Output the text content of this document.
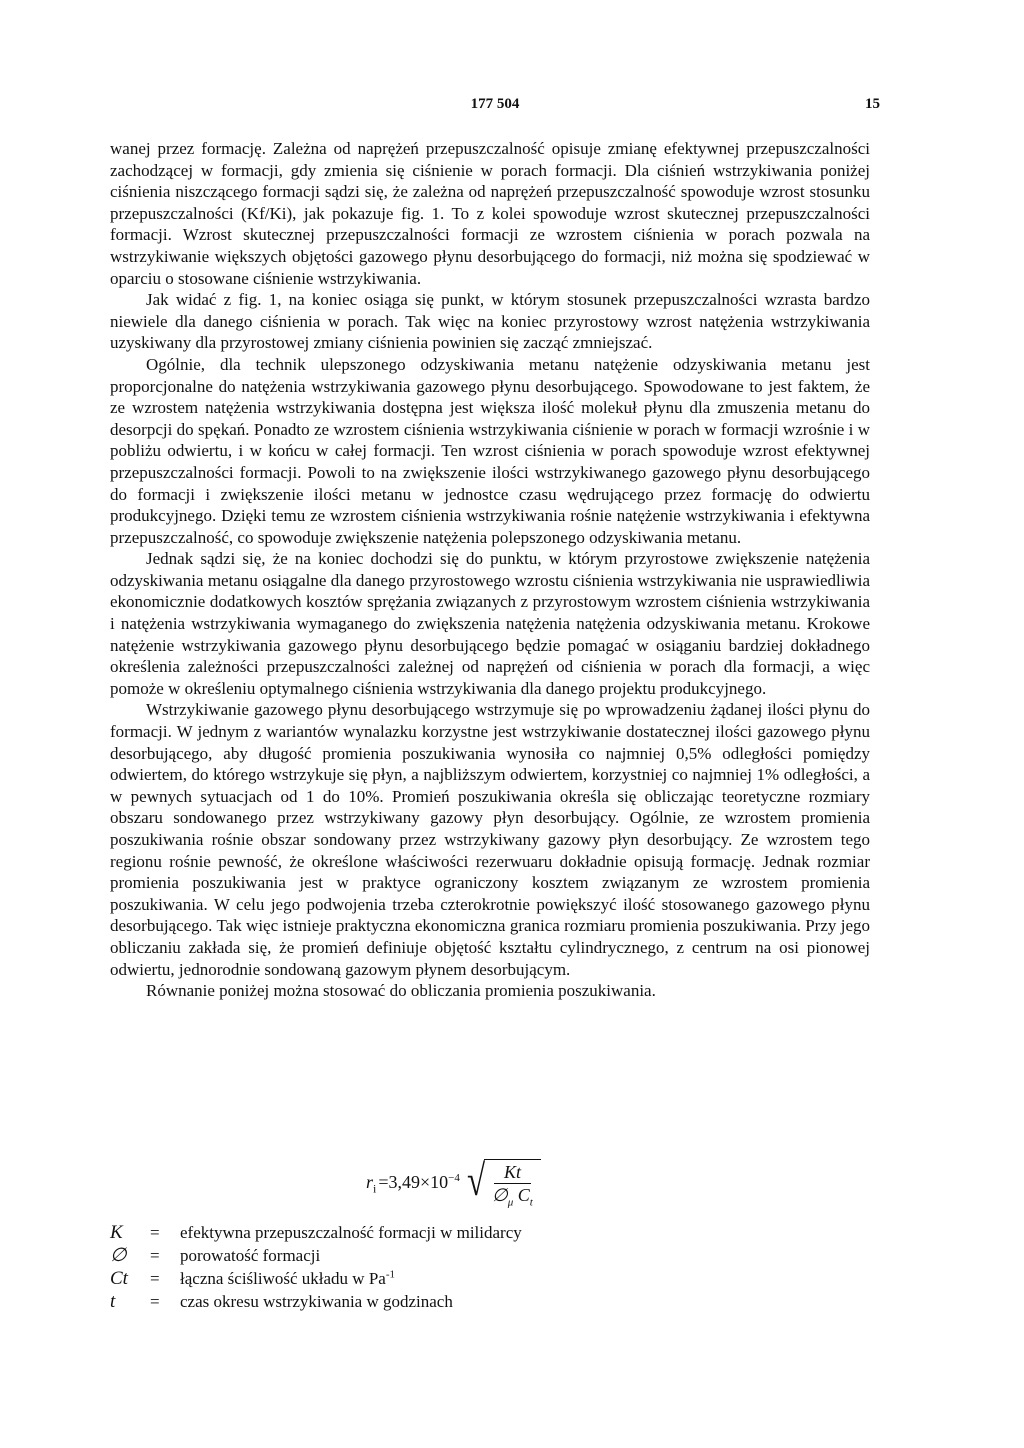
177 504	15

wanej przez formację. Zależna od naprężeń przepuszczalność opisuje zmianę efektywnej przepuszczalności zachodzącej w formacji, gdy zmienia się ciśnienie w porach formacji. Dla ciśnień wstrzykiwania poniżej ciśnienia niszczącego formacji sądzi się, że zależna od naprężeń przepuszczalność spowoduje wzrost stosunku przepuszczalności (Kf/Ki), jak pokazuje fig. 1. To z kolei spowoduje wzrost skutecznej przepuszczalności formacji. Wzrost skutecznej przepuszczalności formacji ze wzrostem ciśnienia w porach pozwala na wstrzykiwanie większych objętości gazowego płynu desorbującego do formacji, niż można się spodziewać w oparciu o stosowane ciśnienie wstrzykiwania.

Jak widać z fig. 1, na koniec osiąga się punkt, w którym stosunek przepuszczalności wzrasta bardzo niewiele dla danego ciśnienia w porach. Tak więc na koniec przyrostowy wzrost natężenia wstrzykiwania uzyskiwany dla przyrostowej zmiany ciśnienia powinien się zacząć zmniejszać.

Ogólnie, dla technik ulepszonego odzyskiwania metanu natężenie odzyskiwania metanu jest proporcjonalne do natężenia wstrzykiwania gazowego płynu desorbującego. Spowodowane to jest faktem, że ze wzrostem natężenia wstrzykiwania dostępna jest większa ilość molekuł płynu dla zmuszenia metanu do desorpcji do spękań. Ponadto ze wzrostem ciśnienia wstrzykiwania ciśnienie w porach w formacji wzrośnie i w pobliżu odwiertu, i w końcu w całej formacji. Ten wzrost ciśnienia w porach spowoduje wzrost efektywnej przepuszczalności formacji. Powoli to na zwiększenie ilości wstrzykiwanego gazowego płynu desorbującego do formacji i zwiększenie ilości metanu w jednostce czasu wędrującego przez formację do odwiertu produkcyjnego. Dzięki temu ze wzrostem ciśnienia wstrzykiwania rośnie natężenie wstrzykiwania i efektywna przepuszczalność, co spowoduje zwiększenie natężenia polepszonego odzyskiwania metanu.

Jednak sądzi się, że na koniec dochodzi się do punktu, w którym przyrostowe zwiększenie natężenia odzyskiwania metanu osiągalne dla danego przyrostowego wzrostu ciśnienia wstrzykiwania nie usprawiedliwia ekonomicznie dodatkowych kosztów sprężania związanych z przyrostowym wzrostem ciśnienia wstrzykiwania i natężenia wstrzykiwania wymaganego do zwiększenia natężenia natężenia odzyskiwania metanu. Krokowe natężenie wstrzykiwania gazowego płynu desorbującego będzie pomagać w osiąganiu bardziej dokładnego określenia zależności przepuszczalności zależnej od naprężeń od ciśnienia w porach dla formacji, a więc pomoże w określeniu optymalnego ciśnienia wstrzykiwania dla danego projektu produkcyjnego.

Wstrzykiwanie gazowego płynu desorbującego wstrzymuje się po wprowadzeniu żądanej ilości płynu do formacji. W jednym z wariantów wynalazku korzystne jest wstrzykiwanie dostatecznej ilości gazowego płynu desorbującego, aby długość promienia poszukiwania wynosiła co najmniej 0,5% odległości pomiędzy odwiertem, do którego wstrzykuje się płyn, a najbliższym odwiertem, korzystniej co najmniej 1% odległości, a w pewnych sytuacjach od 1 do 10%. Promień poszukiwania określa się obliczając teoretyczne rozmiary obszaru sondowanego przez wstrzykiwany gazowy płyn desorbujący. Ogólnie, ze wzrostem promienia poszukiwania rośnie obszar sondowany przez wstrzykiwany gazowy płyn desorbujący. Ze wzrostem tego regionu rośnie pewność, że określone właściwości rezerwuaru dokładnie opisują formację. Jednak rozmiar promienia poszukiwania jest w praktyce ograniczony kosztem związanym ze wzrostem promienia poszukiwania. W celu jego podwojenia trzeba czterokrotnie powiększyć ilość stosowanego gazowego płynu desorbującego. Tak więc istnieje praktyczna ekonomiczna granica rozmiaru promienia poszukiwania. Przy jego obliczaniu zakłada się, że promień definiuje objętość kształtu cylindrycznego, z centrum na osi pionowej odwiertu, jednorodnie sondowaną gazowym płynem desorbującym.

Równanie poniżej można stosować do obliczania promienia poszukiwania.

$r_i =3,49\times 10^{-4}$ √ $\frac{Kt}{\emptyset_\mu C_t}$
K	=	efektywna przepuszczalność formacji w milidarcy
∅	=	porowatość formacji
Ct	=	łączna ściśliwość układu w $Pa^{-1}$
t	=	czas okresu wstrzykiwania w godzinach
